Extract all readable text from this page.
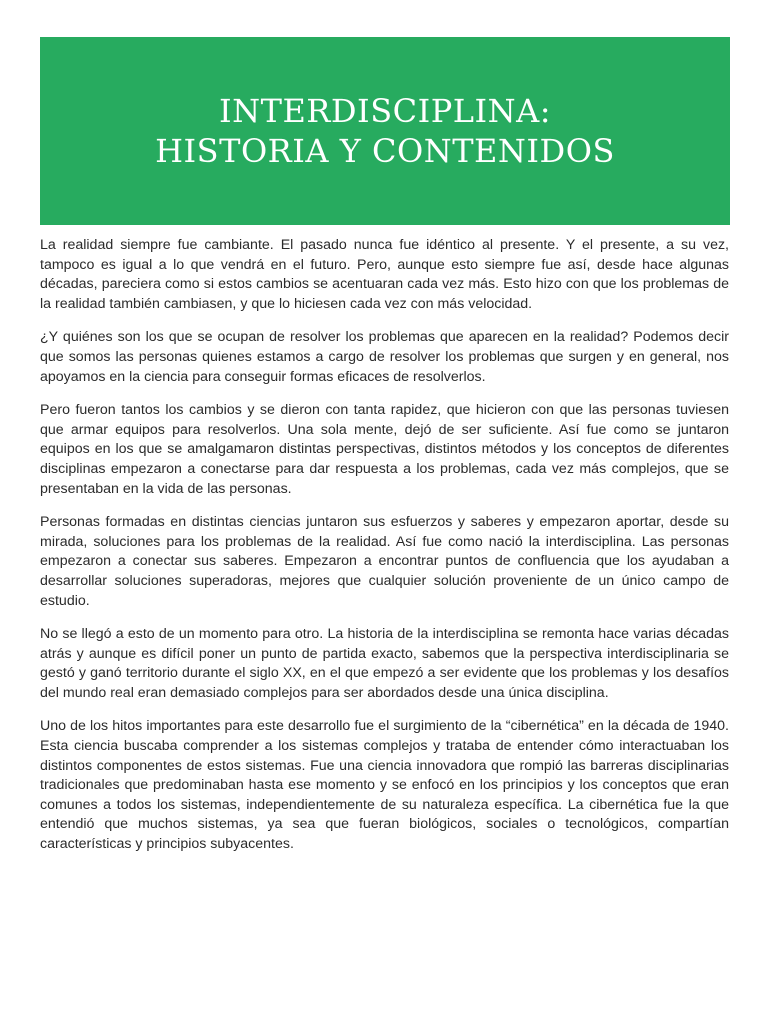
INTERDISCIPLINA:
HISTORIA Y CONTENIDOS

La realidad siempre fue cambiante. El pasado nunca fue idéntico al presente. Y el presente, a su vez, tampoco es igual a lo que vendrá en el futuro. Pero, aunque esto siempre fue así, desde hace algunas décadas, pareciera como si estos cambios se acentuaran cada vez más. Esto hizo con que los problemas de la realidad también cambiasen, y que lo hiciesen cada vez con más velocidad.

¿Y quiénes son los que se ocupan de resolver los problemas que aparecen en la realidad? Podemos decir que somos las personas quienes estamos a cargo de resolver los problemas que surgen y en general, nos apoyamos en la ciencia para conseguir formas eficaces de resolverlos.

Pero fueron tantos los cambios y se dieron con tanta rapidez, que hicieron con que las personas tuviesen que armar equipos para resolverlos. Una sola mente, dejó de ser suficiente. Así fue como se juntaron equipos en los que se amalgamaron distintas perspectivas, distintos métodos y los conceptos de diferentes disciplinas empezaron a conectarse para dar respuesta a los problemas, cada vez más complejos, que se presentaban en la vida de las personas.

Personas formadas en distintas ciencias juntaron sus esfuerzos y saberes y empezaron aportar, desde su mirada, soluciones para los problemas de la realidad. Así fue como nació la interdisciplina. Las personas empezaron a conectar sus saberes. Empezaron a encontrar puntos de confluencia que los ayudaban a desarrollar soluciones superadoras, mejores que cualquier solución proveniente de un único campo de estudio.

No se llegó a esto de un momento para otro. La historia de la interdisciplina se remonta hace varias décadas atrás y aunque es difícil poner un punto de partida exacto, sabemos que la perspectiva interdisciplinaria se gestó y ganó territorio durante el siglo XX, en el que empezó a ser evidente que los problemas y los desafíos del mundo real eran demasiado complejos para ser abordados desde una única disciplina.

Uno de los hitos importantes para este desarrollo fue el surgimiento de la “cibernética” en la década de 1940. Esta ciencia buscaba comprender a los sistemas complejos y trataba de entender cómo interactuaban los distintos componentes de estos sistemas. Fue una ciencia innovadora que rompió las barreras disciplinarias tradicionales que predominaban hasta ese momento y se enfocó en los principios y los conceptos que eran comunes a todos los sistemas, independientemente de su naturaleza específica. La cibernética fue la que entendió que muchos sistemas, ya sea que fueran biológicos, sociales o tecnológicos, compartían características y principios subyacentes.
